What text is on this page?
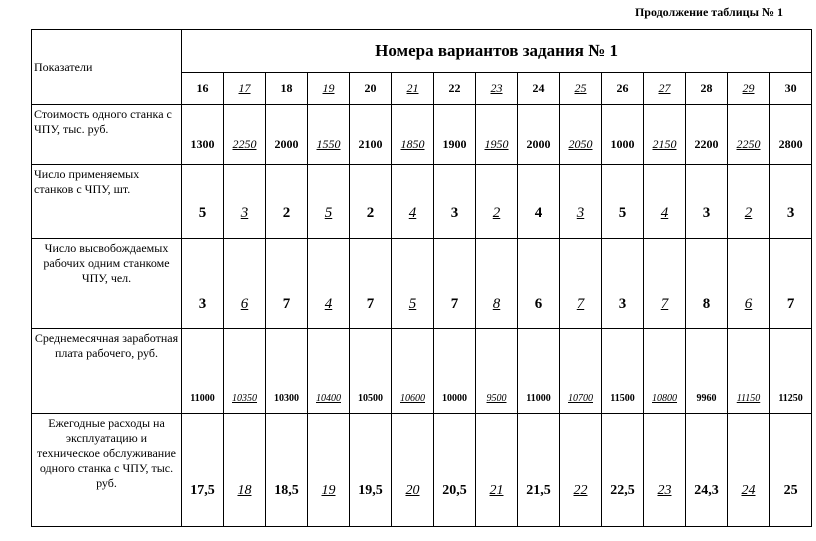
Продолжение таблицы № 1
Показатели	Номера вариантов задания № 1														
	16	17	18	19	20	21	22	23	24	25	26	27	28	29	30
Стоимость одного станка с ЧПУ, тыс. руб.	1300	2250	2000	1550	2100	1850	1900	1950	2000	2050	1000	2150	2200	2250	2800
Число применяемых станков с ЧПУ, шт.	5	3	2	5	2	4	3	2	4	3	5	4	3	2	3
Число высвобождаемых рабочих одним станкоме ЧПУ, чел.	3	6	7	4	7	5	7	8	6	7	3	7	8	6	7
Среднемесячная заработная плата рабочего, руб.	11000	10350	10300	10400	10500	10600	10000	9500	11000	10700	11500	10800	9960	11150	11250
Ежегодные расходы на эксплуатацию и техническое обслуживание одного станка с ЧПУ, тыс. руб.	17,5	18	18,5	19	19,5	20	20,5	21	21,5	22	22,5	23	24,3	24	25
